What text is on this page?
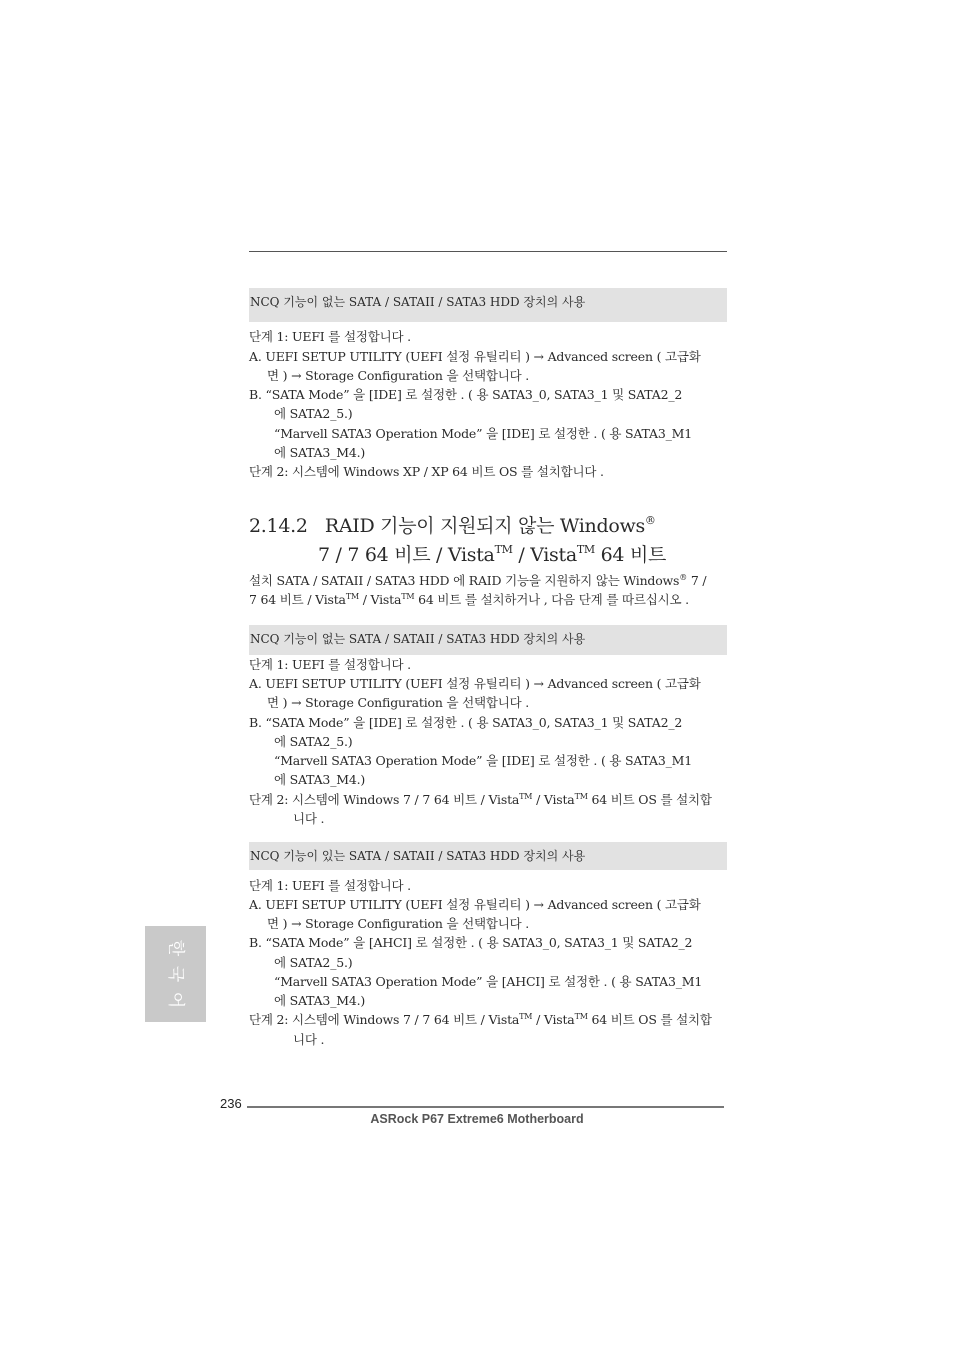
NCQ 기능이 없는 SATA / SATAII / SATA3 HDD 장치의 사용
단계 1: UEFI 를 설정합니다 .
A. UEFI SETUP UTILITY (UEFI 설정 유틸리티 ) → Advanced screen ( 고급화
면 ) → Storage Configuration 을 선택합니다 .
B. “SATA Mode” 을 [IDE] 로 설정한 . ( 용 SATA3_0, SATA3_1 및 SATA2_2
에 SATA2_5.)
“Marvell SATA3 Operation Mode” 을 [IDE] 로 설정한 . ( 용 SATA3_M1
에 SATA3_M4.)
단계 2: 시스템에 Windows XP / XP 64 비트 OS 를 설치합니다 .
2.14.2 RAID 기능이 지원되지 않는 Windows®
7 / 7 64 비트 / Vista™ / Vista™ 64 비트
설치 SATA / SATAII / SATA3 HDD 에 RAID 기능을 지원하지 않는 Windows® 7 /
7 64 비트 / Vista™ / Vista™ 64 비트 를 설치하거나 , 다음 단계 를 따르십시오 .
NCQ 기능이 없는 SATA / SATAII / SATA3 HDD 장치의 사용
단계 1: UEFI 를 설정합니다 .
A. UEFI SETUP UTILITY (UEFI 설정 유틸리티 ) → Advanced screen ( 고급화
면 ) → Storage Configuration 을 선택합니다 .
B. “SATA Mode” 을 [IDE] 로 설정한 . ( 용 SATA3_0, SATA3_1 및 SATA2_2
에 SATA2_5.)
“Marvell SATA3 Operation Mode” 을 [IDE] 로 설정한 . ( 용 SATA3_M1
에 SATA3_M4.)
단계 2: 시스템에 Windows 7 / 7 64 비트 / Vista™ / Vista™ 64 비트 OS 를 설치합
니다 .
NCQ 기능이 있는 SATA / SATAII / SATA3 HDD 장치의 사용
단계 1: UEFI 를 설정합니다 .
A. UEFI SETUP UTILITY (UEFI 설정 유틸리티 ) → Advanced screen ( 고급화
면 ) → Storage Configuration 을 선택합니다 .
B. “SATA Mode” 을 [AHCI] 로 설정한 . ( 용 SATA3_0, SATA3_1 및 SATA2_2
에 SATA2_5.)
“Marvell SATA3 Operation Mode” 을 [AHCI] 로 설정한 . ( 용 SATA3_M1
에 SATA3_M4.)
단계 2: 시스템에 Windows 7 / 7 64 비트 / Vista™ / Vista™ 64 비트 OS 를 설치합
니다 .
한
국
어
236
ASRock P67 Extreme6 Motherboard
